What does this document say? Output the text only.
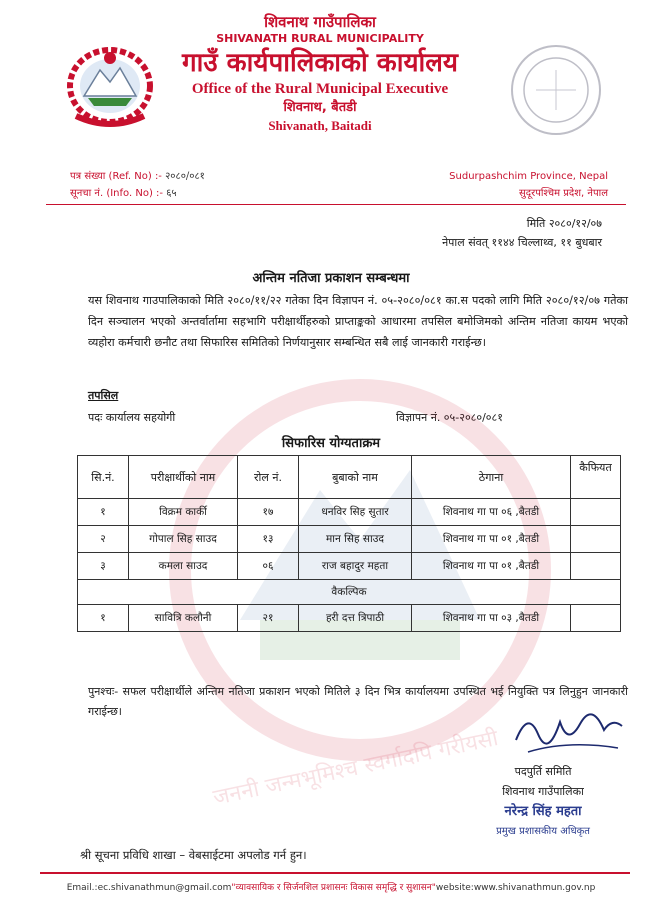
शिवनाथ गाउँपालिका
SHIVANATH RURAL MUNICIPALITY
गाउँ कार्यपालिकाको कार्यालय
Office of the Rural Municipal Executive
शिवनाथ, बैतडी
Shivanath, Baitadi
पत्र संख्या (Ref. No) :- २०८०/०८१
सूनचा नं. (Info. No) :- ६५
Sudurpashchim Province, Nepal
सुदूरपश्चिम प्रदेश, नेपाल
मिति २०८०/१२/०७
नेपाल संवत् ११४४ चिल्लाथ्व, ११ बुधबार
अन्तिम नतिजा प्रकाशन सम्बन्धमा
यस शिवनाथ गाउपालिकाको मिति २०८०/११/२२ गतेका दिन विज्ञापन नं. ०५-२०८०/०८१ का.स पदको लागि मिति २०८०/१२/०७ गतेका दिन सञ्चालन भएको अन्तर्वार्तामा सहभागि परीक्षार्थीहरुको प्राप्ताङ्कको आधारमा तपसिल बमोजिमको अन्तिम नतिजा कायम भएको व्यहोरा कर्मचारी छनौट तथा सिफारिस समितिको निर्णयानुसार सम्बन्धित सबै लाई जानकारी गराईन्छ।
तपसिल
पदः कार्यालय सहयोगी	विज्ञापन नं. ०५-२०८०/०८१
सिफारिस योग्यताक्रम
सि.नं.	परीक्षार्थीको नाम	रोल नं.	बुबाको नाम	ठेगाना	कैफियत
१	विक्रम कार्की	१७	धनविर सिह सुतार	शिवनाथ गा पा ०६ ,बैतडी	
२	गोपाल सिह साउद	१३	मान सिह साउद	शिवनाथ गा पा ०१ ,बैतडी	
३	कमला साउद	०६	राज बहादुर महता	शिवनाथ गा पा ०१ ,बैतडी	
वैकल्पिक					
१	सावित्रि कलौनी	२१	हरी दत्त त्रिपाठी	शिवनाथ गा पा ०३ ,बैतडी	
पुनश्चः- सफल परीक्षार्थीले अन्तिम नतिजा प्रकाशन भएको मितिले ३ दिन भित्र कार्यालयमा उपस्थित भई नियुक्ति पत्र लिनुहुन जानकारी गराईन्छ।
जननी जन्मभूमिश्च स्वर्गादपि गरीयसी	पदपुर्ति समिति
शिवनाथ गाउँपालिका
नरेन्द्र सिंह महता
प्रमुख प्रशासकीय अधिकृत
श्री सूचना प्रविधि शाखा – वेबसाईटमा अपलोड गर्न हुन।
Email.:ec.shivanathmun@gmail.com"व्यावसायिक र सिर्जनशिल प्रशासनः विकास समृद्धि र सुशासन"website:www.shivanathmun.gov.np
